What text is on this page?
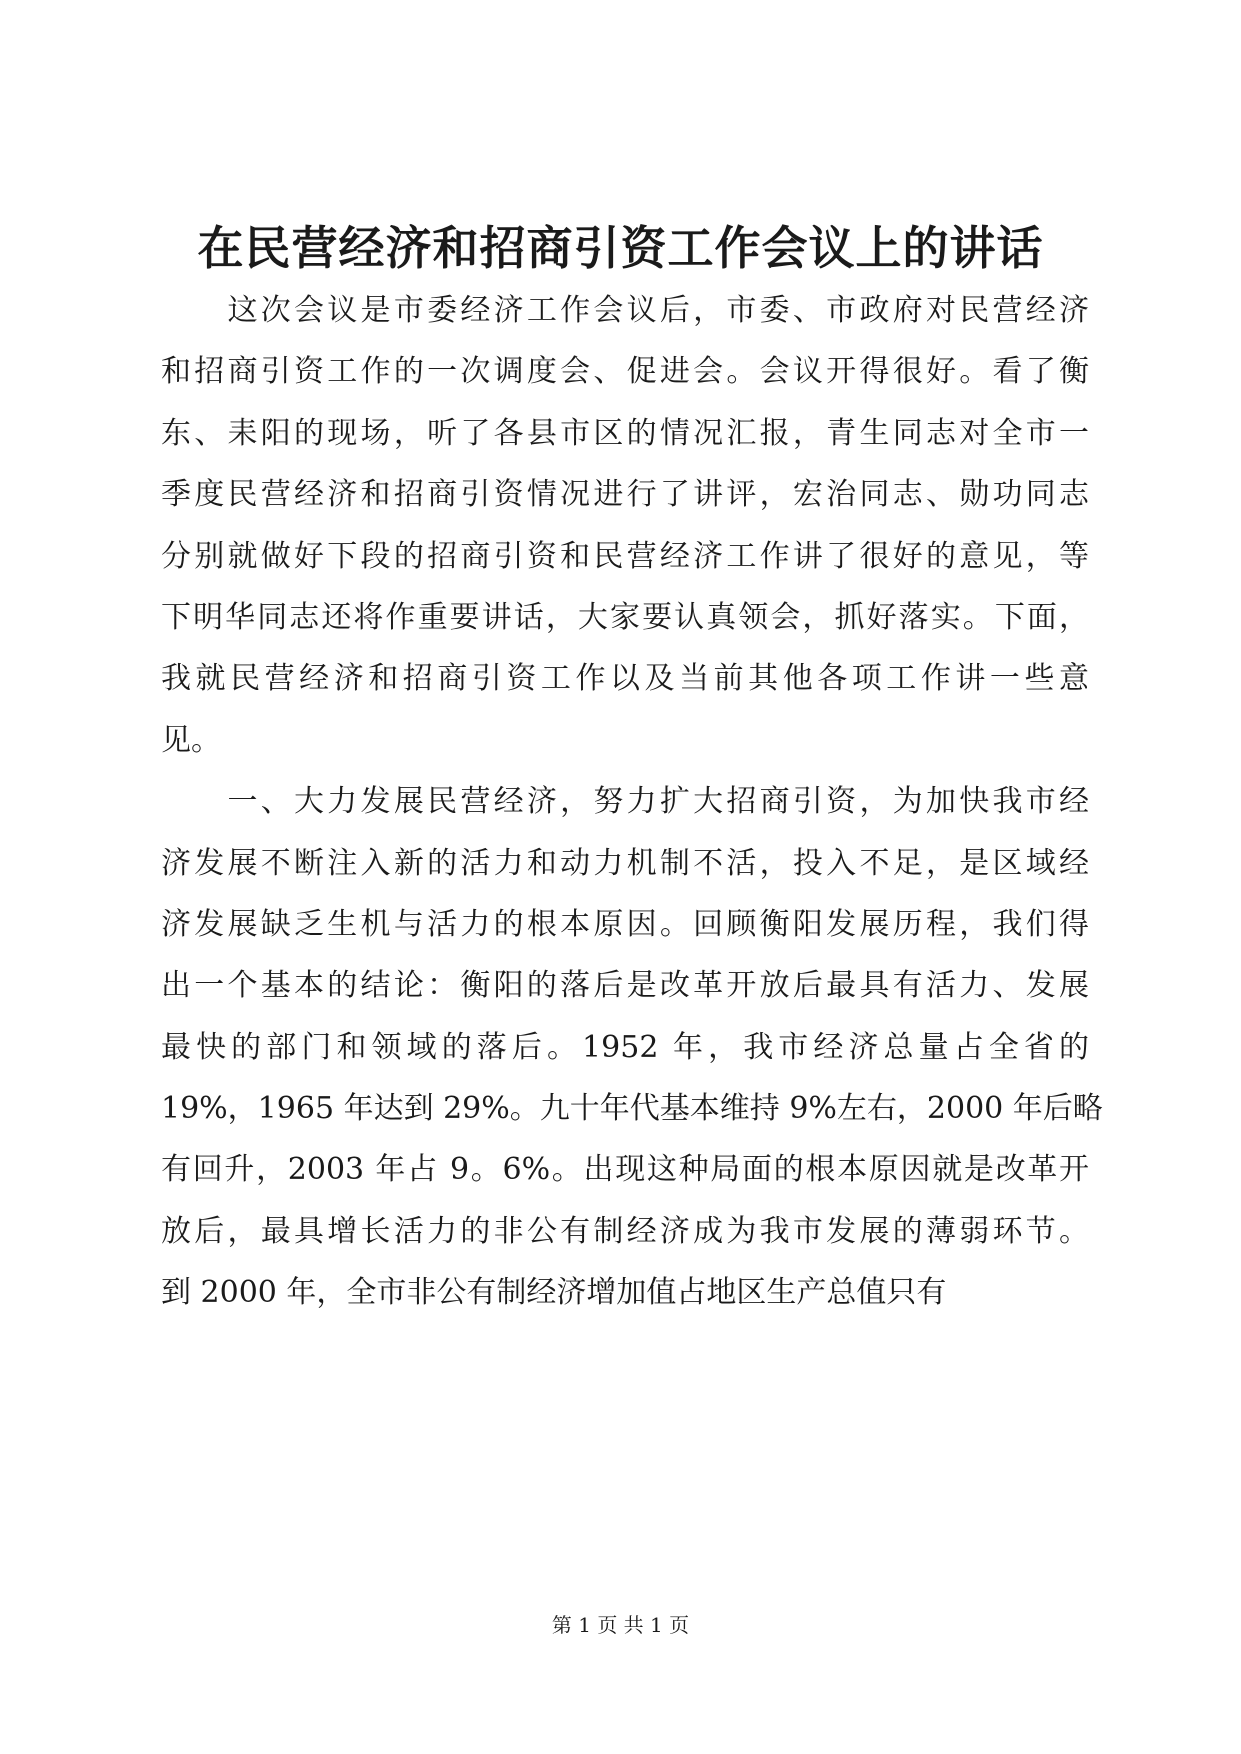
在民营经济和招商引资工作会议上的讲话
　　这次会议是市委经济工作会议后，市委、市政府对民营经济
和招商引资工作的一次调度会、促进会。会议开得很好。看了衡
东、耒阳的现场，听了各县市区的情况汇报，青生同志对全市一
季度民营经济和招商引资情况进行了讲评，宏治同志、勋功同志
分别就做好下段的招商引资和民营经济工作讲了很好的意见，等
下明华同志还将作重要讲话，大家要认真领会，抓好落实。下面，
我就民营经济和招商引资工作以及当前其他各项工作讲一些意
见。
　　一、大力发展民营经济，努力扩大招商引资，为加快我市经
济发展不断注入新的活力和动力机制不活，投入不足，是区域经
济发展缺乏生机与活力的根本原因。回顾衡阳发展历程，我们得
出一个基本的结论：衡阳的落后是改革开放后最具有活力、发展
最快的部门和领域的落后。1952 年，我市经济总量占全省的
19%，1965 年达到 29%。九十年代基本维持 9%左右，2000 年后略
有回升，2003 年占 9。6%。出现这种局面的根本原因就是改革开
放后，最具增长活力的非公有制经济成为我市发展的薄弱环节。
到 2000 年，全市非公有制经济增加值占地区生产总值只有
第 1 页 共 1 页
